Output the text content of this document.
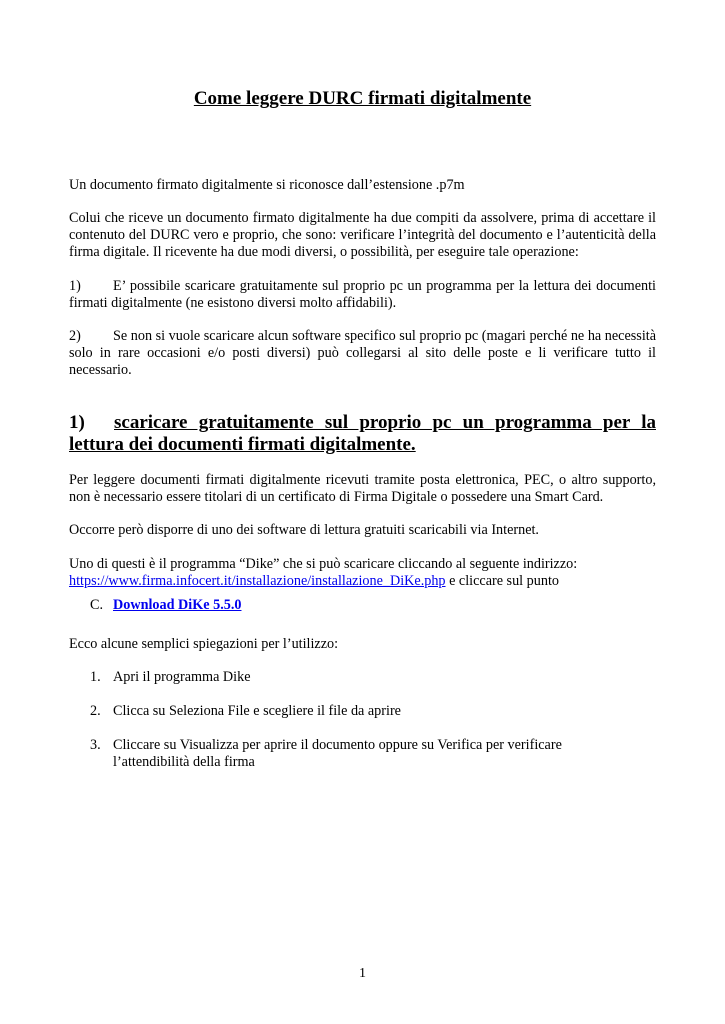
Come leggere DURC firmati digitalmente

Un documento firmato digitalmente si riconosce dall’estensione .p7m

Colui che riceve un documento firmato digitalmente ha due compiti da assolvere, prima di accettare il contenuto del DURC vero e proprio, che sono: verificare l’integrità del documento e l’autenticità della firma digitale. Il ricevente ha due modi diversi, o possibilità, per eseguire tale operazione:

1) E’ possibile scaricare gratuitamente sul proprio pc un programma per la lettura dei documenti firmati digitalmente (ne esistono diversi molto affidabili).

2) Se non si vuole scaricare alcun software specifico sul proprio pc (magari perché ne ha necessità solo in rare occasioni e/o posti diversi) può collegarsi al sito delle poste e li verificare tutto il necessario.

1) scaricare gratuitamente sul proprio pc un programma per la lettura dei documenti firmati digitalmente.

Per leggere documenti firmati digitalmente ricevuti tramite posta elettronica, PEC, o altro supporto, non è necessario essere titolari di un certificato di Firma Digitale o possedere una Smart Card.

Occorre però disporre di uno dei software di lettura gratuiti scaricabili via Internet.

Uno di questi è il programma “Dike” che si può scaricare cliccando al seguente indirizzo:
https://www.firma.infocert.it/installazione/installazione_DiKe.php e cliccare sul punto

C. Download DiKe 5.5.0

Ecco alcune semplici spiegazioni per l’utilizzo:

1. Apri il programma Dike

2. Clicca su Seleziona File e scegliere il file da aprire

3. Cliccare su Visualizza per aprire il documento oppure su Verifica per verificare l’attendibilità della firma

1
